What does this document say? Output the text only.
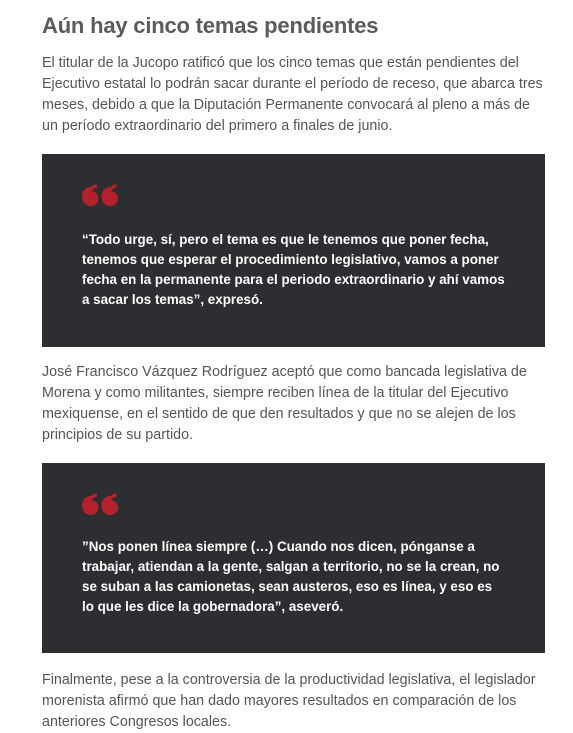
Aún hay cinco temas pendientes

El titular de la Jucopo ratificó que los cinco temas que están pendientes del Ejecutivo estatal lo podrán sacar durante el período de receso, que abarca tres meses, debido a que la Diputación Permanente convocará al pleno a más de un período extraordinario del primero a finales de junio.

“Todo urge, sí, pero el tema es que le tenemos que poner fecha, tenemos que esperar el procedimiento legislativo, vamos a poner fecha en la permanente para el periodo extraordinario y ahí vamos a sacar los temas”, expresó.

José Francisco Vázquez Rodríguez aceptó que como bancada legislativa de Morena y como militantes, siempre reciben línea de la titular del Ejecutivo mexiquense, en el sentido de que den resultados y que no se alejen de los principios de su partido.

”Nos ponen línea siempre (…) Cuando nos dicen, pónganse a trabajar, atiendan a la gente, salgan a territorio, no se la crean, no se suban a las camionetas, sean austeros, eso es línea, y eso es lo que les dice la gobernadora”, aseveró.

Finalmente, pese a la controversia de la productividad legislativa, el legislador morenista afirmó que han dado mayores resultados en comparación de los anteriores Congresos locales.
